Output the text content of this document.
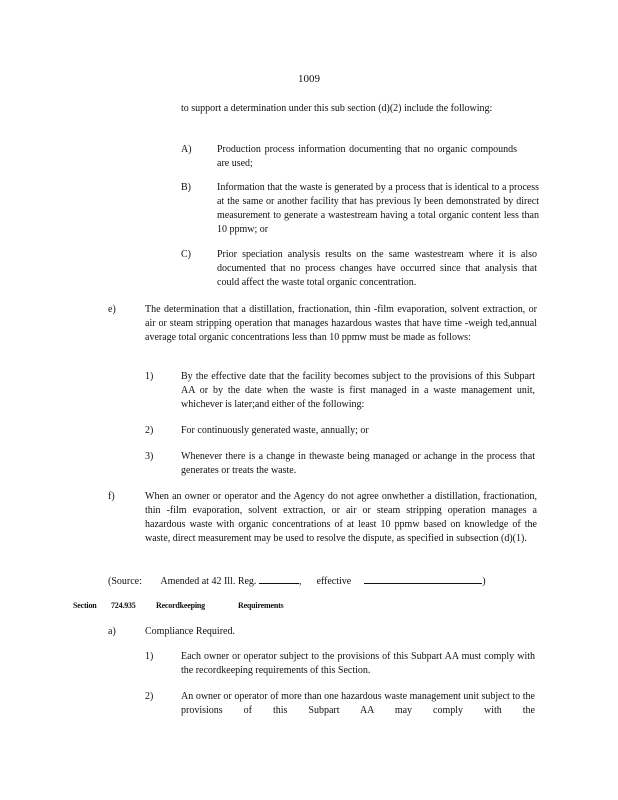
1009
to support a determination under this sub section (d)(2) include the following:
A)	Production process information documenting that no organic compounds are used;
B)	Information that the waste is generated by a process that is identical to a process at the same or another facility that has previous ly been demonstrated by direct measurement to generate a wastestream having a total organic content less than 10 ppmw; or
C)	Prior speciation analysis results on the same wastestream where it is also documented that no process changes have occurred since that analysis that could affect the waste total organic concentration.
e)	The determination that a distillation, fractionation, thin -film evaporation, solvent extraction, or air or steam stripping operation that manages hazardous wastes that have time -weigh ted,annual average total organic concentrations less than 10 ppmw must be made as follows:
1)	By the effective date that the facility becomes subject to the provisions of this Subpart AA or by the date when the waste is first managed in a waste management unit, whichever is later;and either of the following:
2)	For continuously generated waste, annually; or
3)	Whenever there is a change in thewaste being managed or achange in the process that generates or treats the waste.
f)	When an owner or operator and the Agency do not agree onwhether a distillation, fractionation, thin -film evaporation, solvent extraction, or air or steam stripping operation manages a hazardous waste with organic concentrations of at least 10 ppmw based on knowledge of the waste, direct measurement may be used to resolve the dispute, as specified in subsection (d)(1).
(Source: Amended at 42 Ill. Reg.	, effective	)
Section 724.935	Recordkeeping	Requirements
a)	Compliance Required.
1)	Each owner or operator subject to the provisions of this Subpart AA must comply with the recordkeeping requirements of this Section.
2)	An owner or operator of more than one hazardous waste management unit subject to the provisions of this Subpart AA may comply with the
